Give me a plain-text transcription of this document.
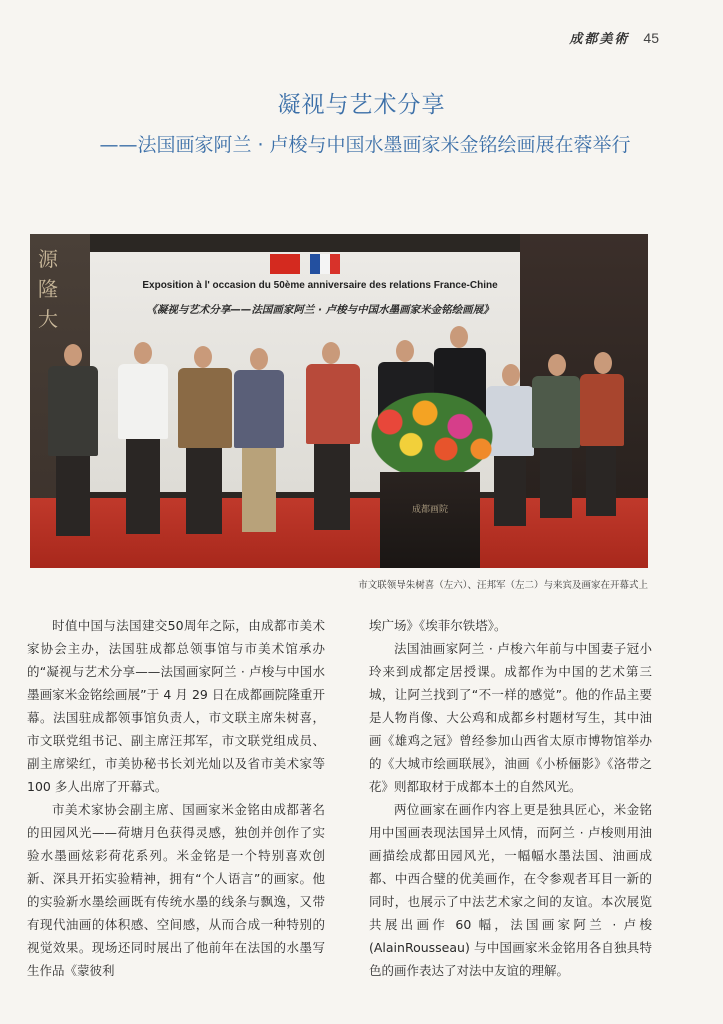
成都美術 45
凝视与艺术分享
——法国画家阿兰 · 卢梭与中国水墨画家米金铭绘画展在蓉举行
源 隆 大
Exposition à l' occasion du 50ème anniversaire des relations France-Chine
《凝视与艺术分享——法国画家阿兰 · 卢梭与中国水墨画家米金铭绘画展》
成都画院
市文联领导朱树喜（左六）、汪邦军（左二）与来宾及画家在开幕式上

时值中国与法国建交50周年之际，由成都市美术家协会主办，法国驻成都总领事馆与市美术馆承办的“凝视与艺术分享——法国画家阿兰 · 卢梭与中国水墨画家米金铭绘画展”于 4 月 29 日在成都画院隆重开幕。法国驻成都领事馆负责人，市文联主席朱树喜，市文联党组书记、副主席汪邦军，市文联党组成员、副主席梁红，市美协秘书长刘光灿以及省市美术家等 100 多人出席了开幕式。

市美术家协会副主席、国画家米金铭由成都著名的田园风光——荷塘月色获得灵感，独创并创作了实验水墨画炫彩荷花系列。米金铭是一个特别喜欢创新、深具开拓实验精神，拥有“个人语言”的画家。他的实验新水墨绘画既有传统水墨的线条与飘逸，又带有现代油画的体积感、空间感，从而合成一种特别的视觉效果。现场还同时展出了他前年在法国的水墨写生作品《蒙彼利

埃广场》《埃菲尔铁塔》。

法国油画家阿兰 · 卢梭六年前与中国妻子冠小玲来到成都定居授课。成都作为中国的艺术第三城，让阿兰找到了“不一样的感觉”。他的作品主要是人物肖像、大公鸡和成都乡村题材写生，其中油画《雄鸡之冠》曾经参加山西省太原市博物馆举办的《大城市绘画联展》，油画《小桥俪影》《洛带之花》则都取材于成都本土的自然风光。

两位画家在画作内容上更是独具匠心，米金铭用中国画表现法国异土风情，而阿兰 · 卢梭则用油画描绘成都田园风光，一幅幅水墨法国、油画成都、中西合璧的优美画作，在令参观者耳目一新的同时，也展示了中法艺术家之间的友谊。本次展览共展出画作 60 幅，法国画家阿兰 · 卢梭 (AlainRousseau) 与中国画家米金铭用各自独具特色的画作表达了对法中友谊的理解。
